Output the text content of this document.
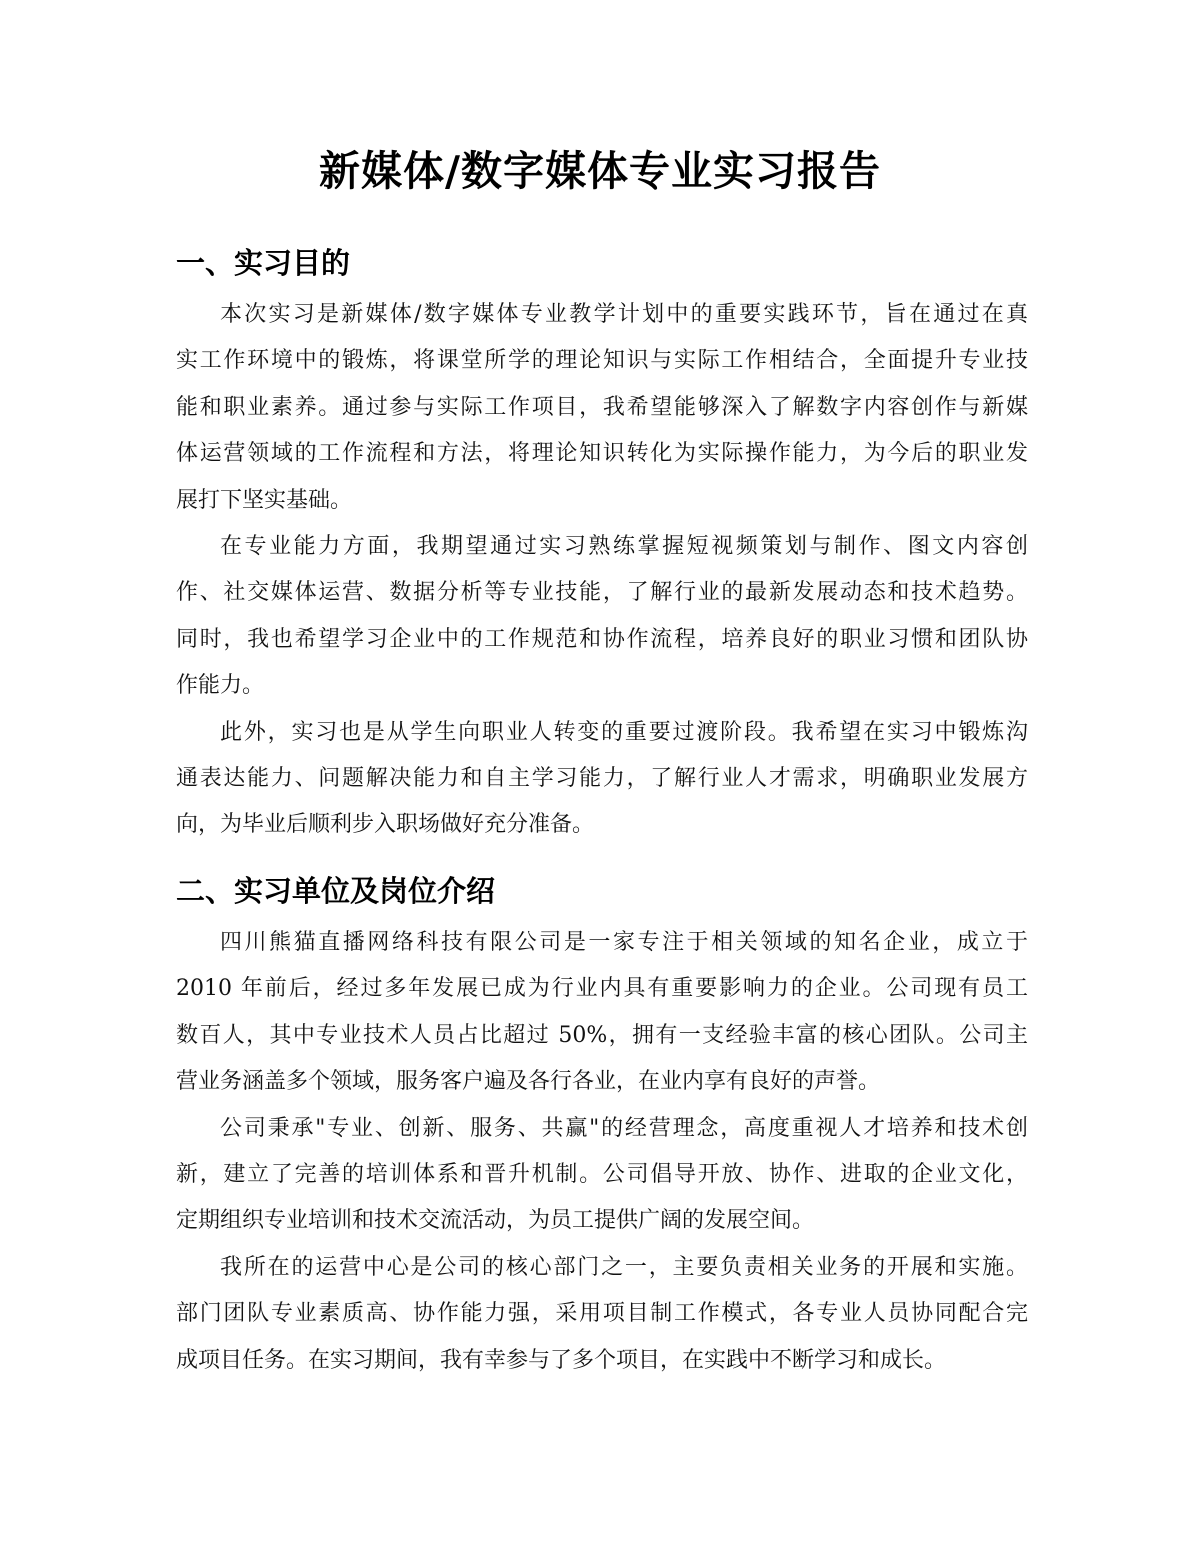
新媒体/数字媒体专业实习报告
一、实习目的
本次实习是新媒体/数字媒体专业教学计划中的重要实践环节，旨在通过在真
实工作环境中的锻炼，将课堂所学的理论知识与实际工作相结合，全面提升专业技
能和职业素养。通过参与实际工作项目，我希望能够深入了解数字内容创作与新媒
体运营领域的工作流程和方法，将理论知识转化为实际操作能力，为今后的职业发
展打下坚实基础。
在专业能力方面，我期望通过实习熟练掌握短视频策划与制作、图文内容创
作、社交媒体运营、数据分析等专业技能，了解行业的最新发展动态和技术趋势。
同时，我也希望学习企业中的工作规范和协作流程，培养良好的职业习惯和团队协
作能力。
此外，实习也是从学生向职业人转变的重要过渡阶段。我希望在实习中锻炼沟
通表达能力、问题解决能力和自主学习能力，了解行业人才需求，明确职业发展方
向，为毕业后顺利步入职场做好充分准备。
二、实习单位及岗位介绍
四川熊猫直播网络科技有限公司是一家专注于相关领域的知名企业，成立于
2010 年前后，经过多年发展已成为行业内具有重要影响力的企业。公司现有员工
数百人，其中专业技术人员占比超过 50%，拥有一支经验丰富的核心团队。公司主
营业务涵盖多个领域，服务客户遍及各行各业，在业内享有良好的声誉。
公司秉承"专业、创新、服务、共赢"的经营理念，高度重视人才培养和技术创
新，建立了完善的培训体系和晋升机制。公司倡导开放、协作、进取的企业文化，
定期组织专业培训和技术交流活动，为员工提供广阔的发展空间。
我所在的运营中心是公司的核心部门之一，主要负责相关业务的开展和实施。
部门团队专业素质高、协作能力强，采用项目制工作模式，各专业人员协同配合完
成项目任务。在实习期间，我有幸参与了多个项目，在实践中不断学习和成长。
